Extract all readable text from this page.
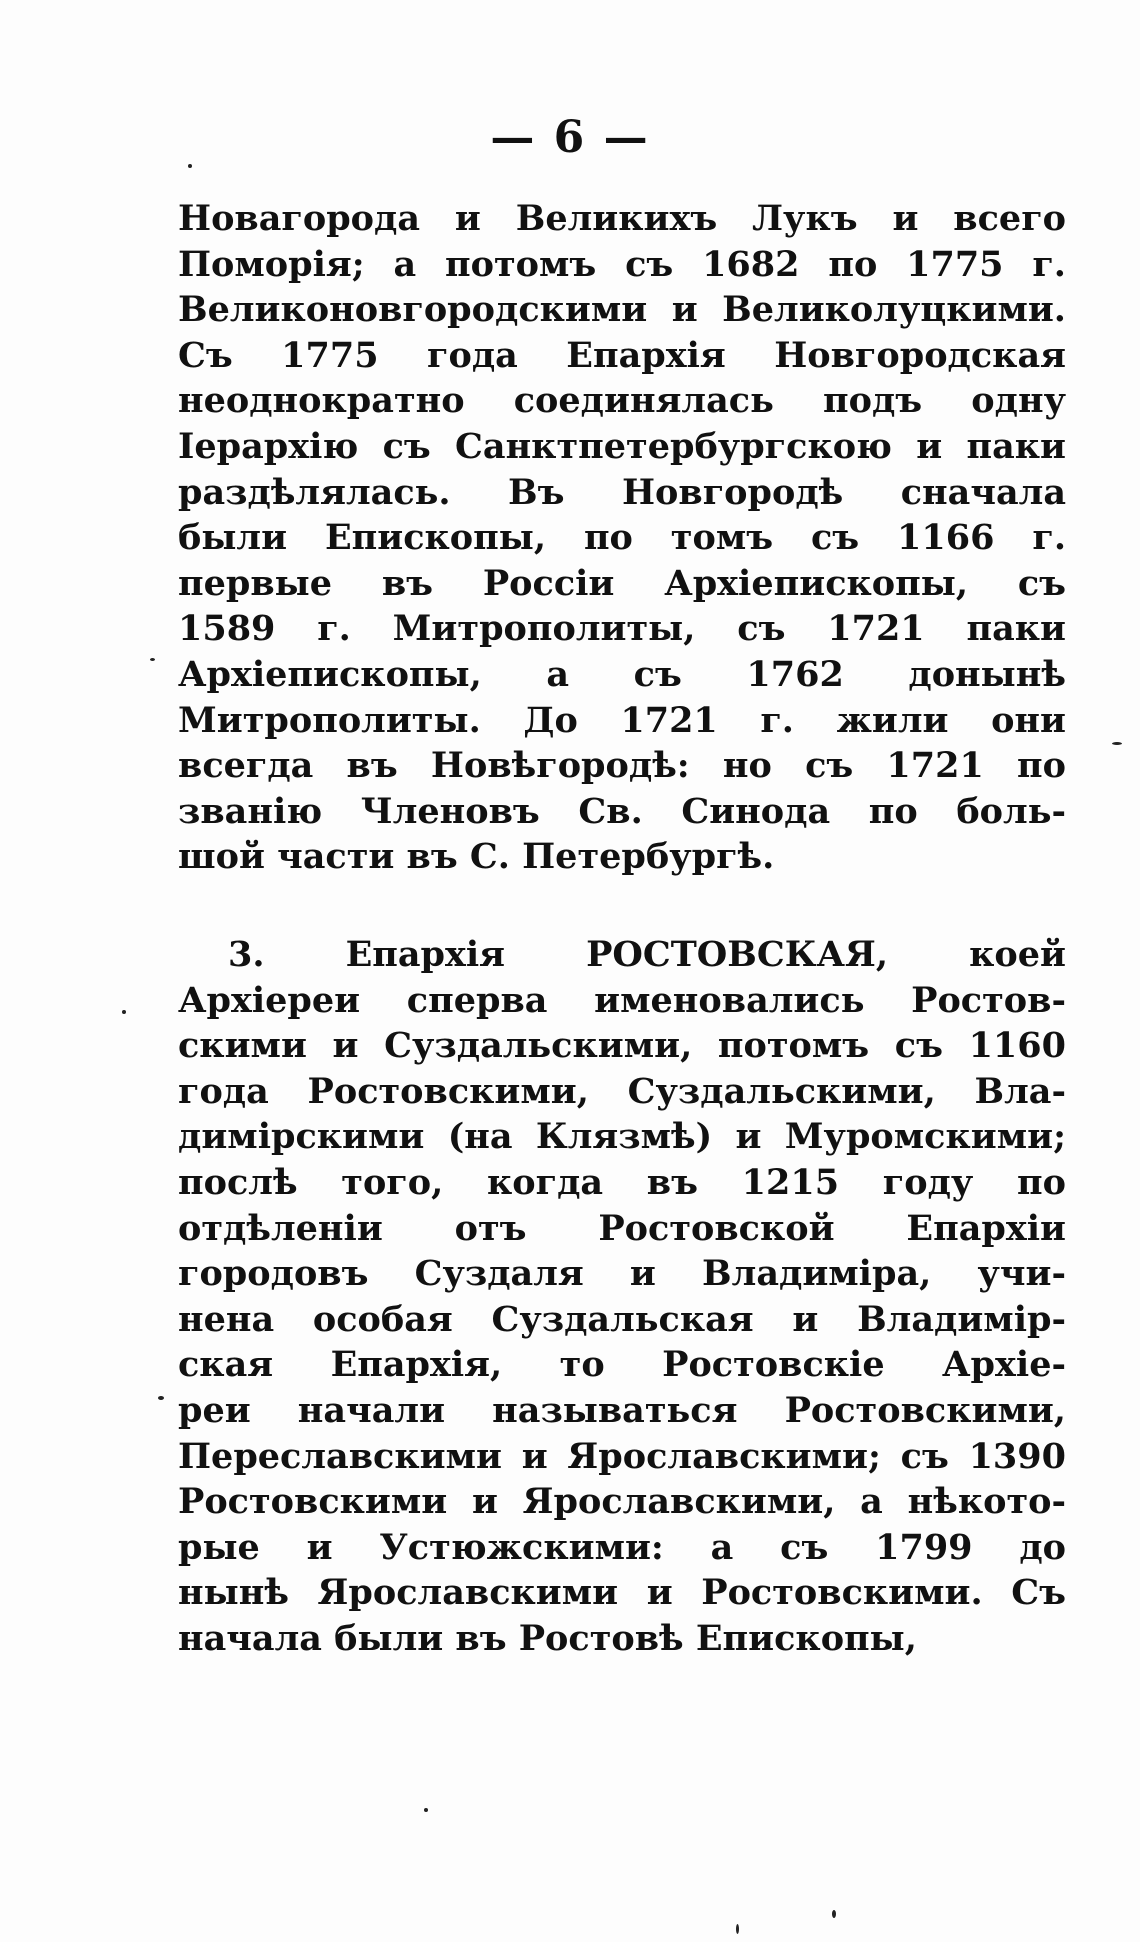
— 6 —
Новагорода и Великихъ Лукъ и всего
Поморія; а потомъ съ 1682 по 1775 г.
Великоновгородскими и Великолуцкими.
Съ 1775 года Епархія Новгородская
неоднократно соединялась подъ одну
Іерархію съ Санктпетербургскою и паки
раздѣлялась. Въ Новгородѣ сначала
были Епископы, по томъ съ 1166 г.
первые въ Россіи Архіепископы, съ
1589 г. Митрополиты, съ 1721 паки
Архіепископы, а съ 1762 донынѣ
Митрополиты. До 1721 г. жили они
всегда въ Новѣгородѣ: но съ 1721 по
званію Членовъ Св. Синода по боль-
шой части въ С. Петербургѣ.
3. Епархія РОСТОВСКАЯ, коей
Архіереи сперва именовались Ростов-
скими и Суздальскими, потомъ съ 1160
года Ростовскими, Суздальскими, Вла-
димірскими (на Клязмѣ) и Муромскими;
послѣ того, когда въ 1215 году по
отдѣленіи отъ Ростовской Епархіи
городовъ Суздаля и Владиміра, учи-
нена особая Суздальская и Владимір-
ская Епархія, то Ростовскіе Архіе-
реи начали называться Ростовскими,
Переславскими и Ярославскими; съ 1390
Ростовскими и Ярославскими, а нѣкото-
рые и Устюжскими: а съ 1799 до
нынѣ Ярославскими и Ростовскими. Съ
начала были въ Ростовѣ Епископы,
